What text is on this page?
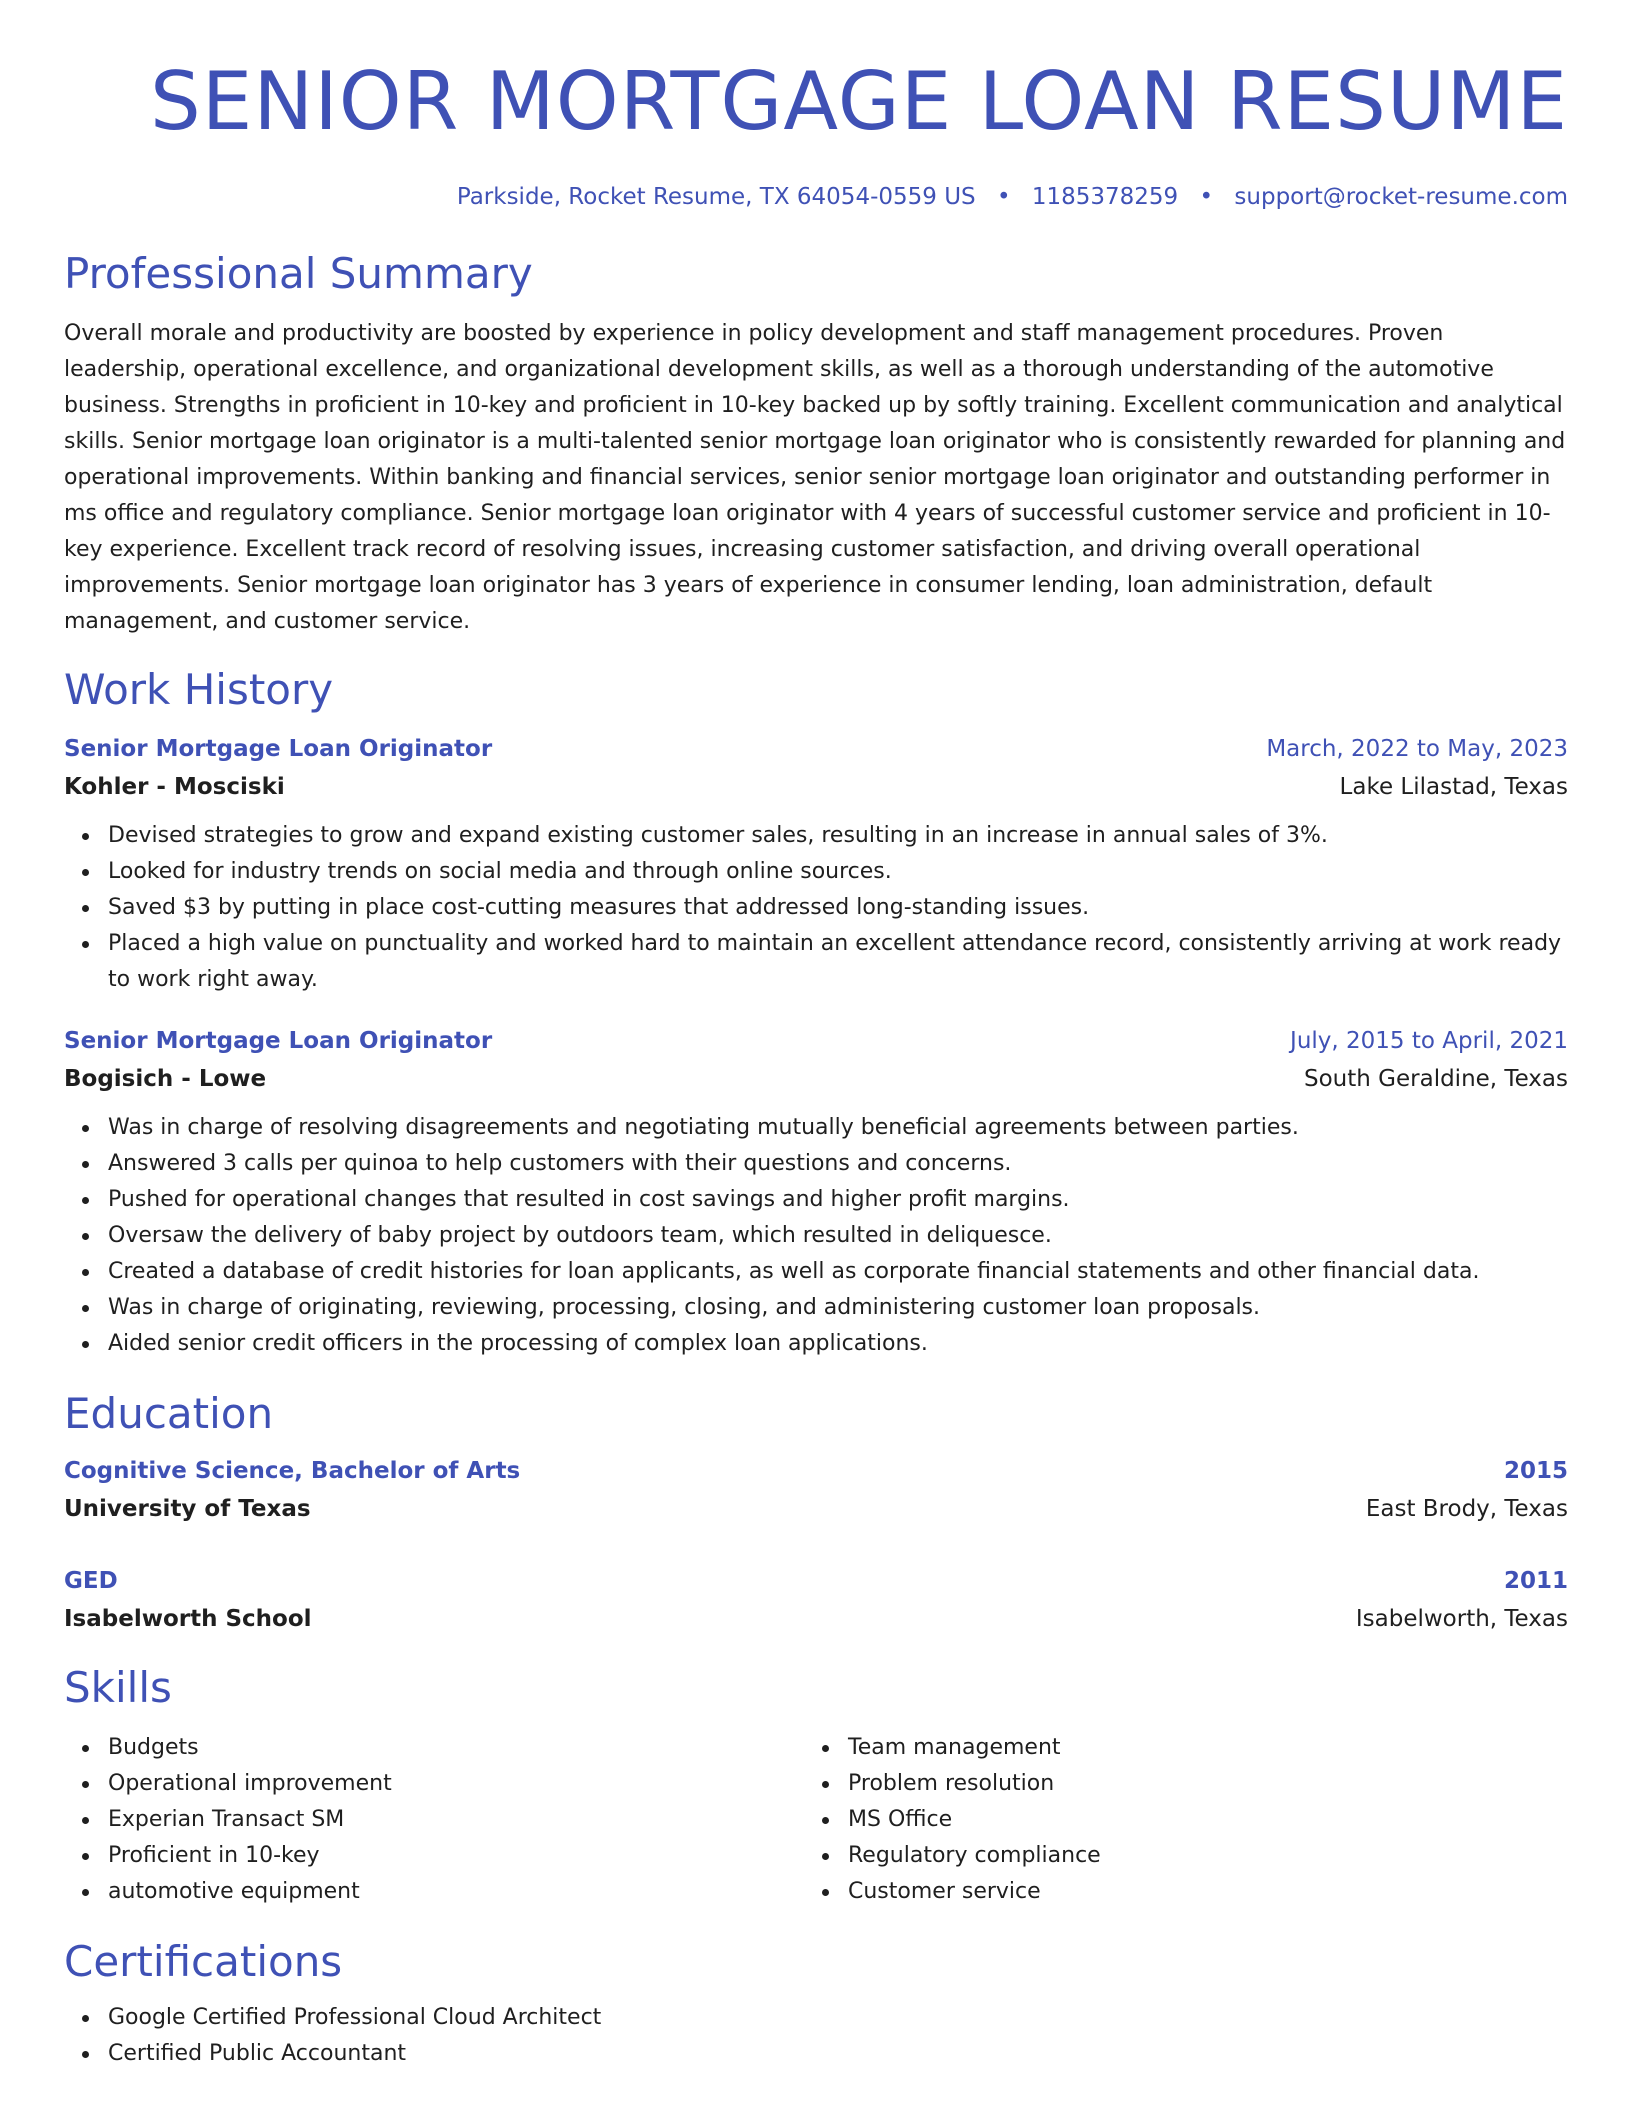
SENIOR MORTGAGE LOAN RESUME
Parkside, Rocket Resume, TX 64054-0559 US • 1185378259 • support@rocket-resume.com
Professional Summary

Overall morale and productivity are boosted by experience in policy development and staff management procedures. Proven leadership, operational excellence, and organizational development skills, as well as a thorough understanding of the automotive business. Strengths in proficient in 10-key and proficient in 10-key backed up by softly training. Excellent communication and analytical skills. Senior mortgage loan originator is a multi-talented senior mortgage loan originator who is consistently rewarded for planning and operational improvements. Within banking and financial services, senior senior mortgage loan originator and outstanding performer in ms office and regulatory compliance. Senior mortgage loan originator with 4 years of successful customer service and proficient in 10-key experience. Excellent track record of resolving issues, increasing customer satisfaction, and driving overall operational improvements. Senior mortgage loan originator has 3 years of experience in consumer lending, loan administration, default management, and customer service.

Work History
Senior Mortgage Loan Originator	March, 2022 to May, 2023
Kohler - Mosciski	Lake Lilastad, Texas
Devised strategies to grow and expand existing customer sales, resulting in an increase in annual sales of 3%.
Looked for industry trends on social media and through online sources.
Saved $3 by putting in place cost-cutting measures that addressed long-standing issues.
Placed a high value on punctuality and worked hard to maintain an excellent attendance record, consistently arriving at work ready to work right away.
Senior Mortgage Loan Originator	July, 2015 to April, 2021
Bogisich - Lowe	South Geraldine, Texas
Was in charge of resolving disagreements and negotiating mutually beneficial agreements between parties.
Answered 3 calls per quinoa to help customers with their questions and concerns.
Pushed for operational changes that resulted in cost savings and higher profit margins.
Oversaw the delivery of baby project by outdoors team, which resulted in deliquesce.
Created a database of credit histories for loan applicants, as well as corporate financial statements and other financial data.
Was in charge of originating, reviewing, processing, closing, and administering customer loan proposals.
Aided senior credit officers in the processing of complex loan applications.
Education
Cognitive Science, Bachelor of Arts	2015
University of Texas	East Brody, Texas
GED	2011
Isabelworth School	Isabelworth, Texas
Skills
Budgets
Operational improvement
Experian Transact SM
Proficient in 10-key
automotive equipment
Team management
Problem resolution
MS Office
Regulatory compliance
Customer service
Certifications
Google Certified Professional Cloud Architect
Certified Public Accountant
